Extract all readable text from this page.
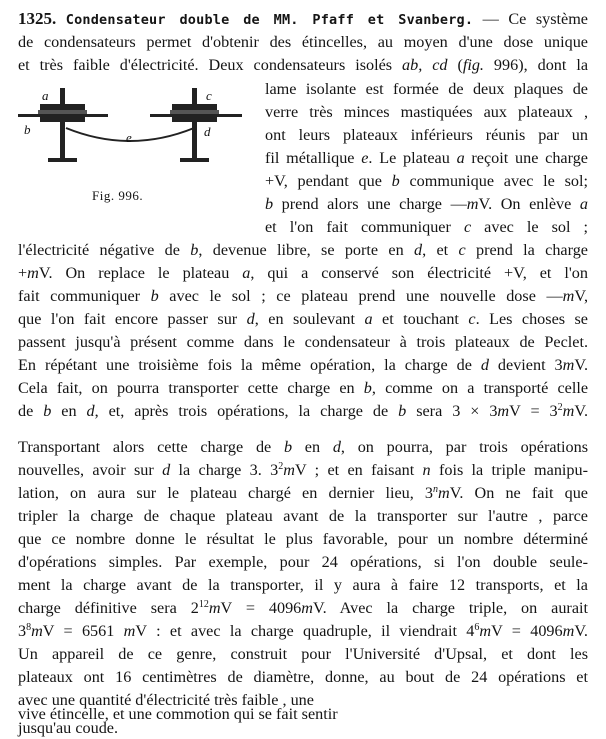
1325. Condensateur double de MM. Pfaff et Svanberg. — Ce système
de condensateurs permet d'obtenir des étincelles, au moyen d'une dose unique
et très faible d'électricité. Deux condensateurs isolés ab, cd (fig. 996), dont la
lame isolante est formée de deux plaques de
verre très minces mastiquées aux plateaux ,
ont leurs plateaux inférieurs réunis par un
fil métallique e. Le plateau a reçoit une charge
+V, pendant que b communique avec le sol;
b prend alors une charge —mV. On enlève a
et l'on fait communiquer c avec le sol ;
a
b
e
c
d
Fig. 996.
l'électricité négative de b, devenue libre, se porte en d, et c prend la charge
+mV. On replace le plateau a, qui a conservé son électricité +V, et l'on
fait communiquer b avec le sol ; ce plateau prend une nouvelle dose —mV,
que l'on fait encore passer sur d, en soulevant a et touchant c. Les choses se
passent jusqu'à présent comme dans le condensateur à trois plateaux de Peclet.
En répétant une troisième fois la même opération, la charge de d devient 3mV.
Cela fait, on pourra transporter cette charge en b, comme on a transporté celle
de b en d, et, après trois opérations, la charge de b sera $3 \times 3mV = 3^2mV$.
Transportant alors cette charge de b en d, on pourra, par trois opérations
nouvelles, avoir sur d la charge 3. $3^2mV$ ; et en faisant n fois la triple manipu-
lation, on aura sur le plateau chargé en dernier lieu, 3$^n$mV. On ne fait que
tripler la charge de chaque plateau avant de la transporter sur l'autre , parce
que ce nombre donne le résultat le plus favorable, pour un nombre déterminé
d'opérations simples. Par exemple, pour 24 opérations, si l'on double seule-
ment la charge avant de la transporter, il y aura à faire 12 transports, et la
charge définitive sera $2^{12}mV = 4096mV$. Avec la charge triple, on aurait
$3^8mV = 6561$ mV : et avec la charge quadruple, il viendrait $4^6mV = 4096mV$.
Un appareil de ce genre, construit pour l'Université d'Upsal, et dont les
plateaux ont 16 centimètres de diamètre, donne, au bout de 24 opérations et
avec une quantité d'électricité très faible , une
vive étincelle, et une commotion qui se fait sentir
jusqu'au coude.
